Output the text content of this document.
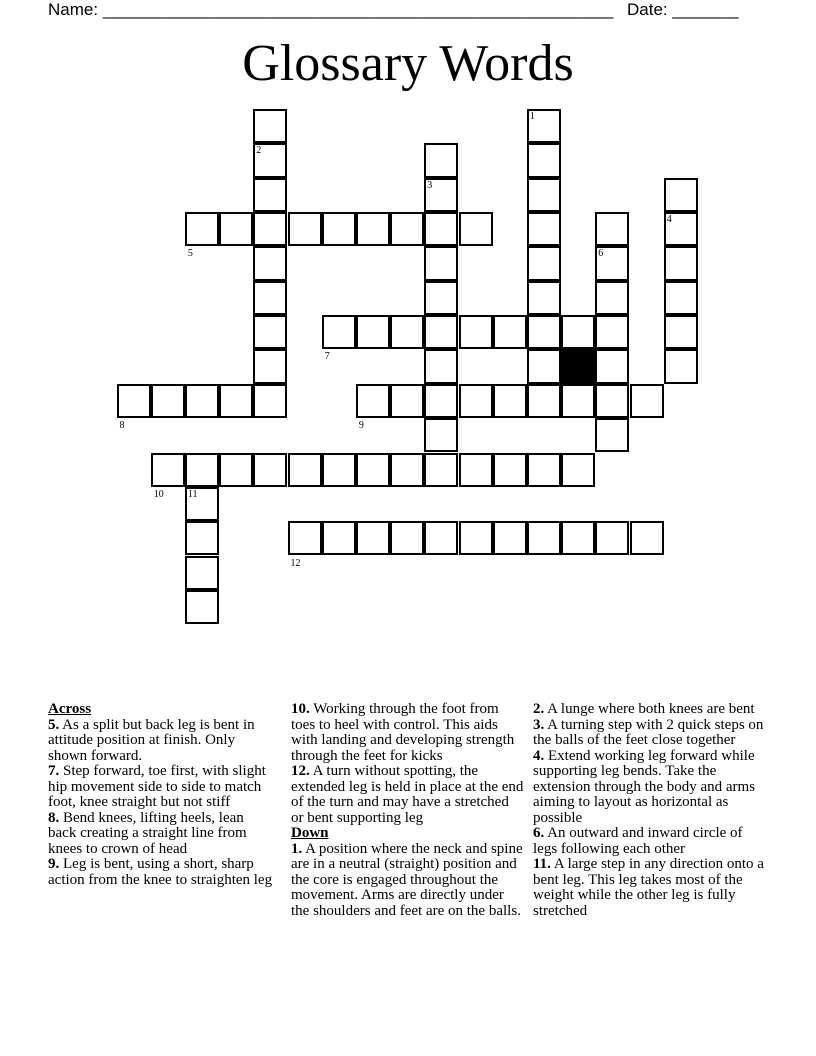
Name: ______________________________________________________ Date: _______
Glossary Words
1
2
3
4
5	6
7
8	9
10 11
12
Across
5. As a split but back leg is bent in attitude position at finish. Only shown forward.
7. Step forward, toe first, with slight hip movement side to side to match foot, knee straight but not stiff
8. Bend knees, lifting heels, lean back creating a straight line from knees to crown of head
9. Leg is bent, using a short, sharp action from the knee to straighten leg
10. Working through the foot from toes to heel with control. This aids with landing and developing strength through the feet for kicks
12. A turn without spotting, the extended leg is held in place at the end of the turn and may have a stretched or bent supporting leg
Down
1. A position where the neck and spine are in a neutral (straight) position and the core is engaged throughout the movement. Arms are directly under the shoulders and feet are on the balls.
2. A lunge where both knees are bent
3. A turning step with 2 quick steps on the balls of the feet close together
4. Extend working leg forward while supporting leg bends. Take the extension through the body and arms aiming to layout as horizontal as possible
6. An outward and inward circle of legs following each other
11. A large step in any direction onto a bent leg. This leg takes most of the weight while the other leg is fully stretched
